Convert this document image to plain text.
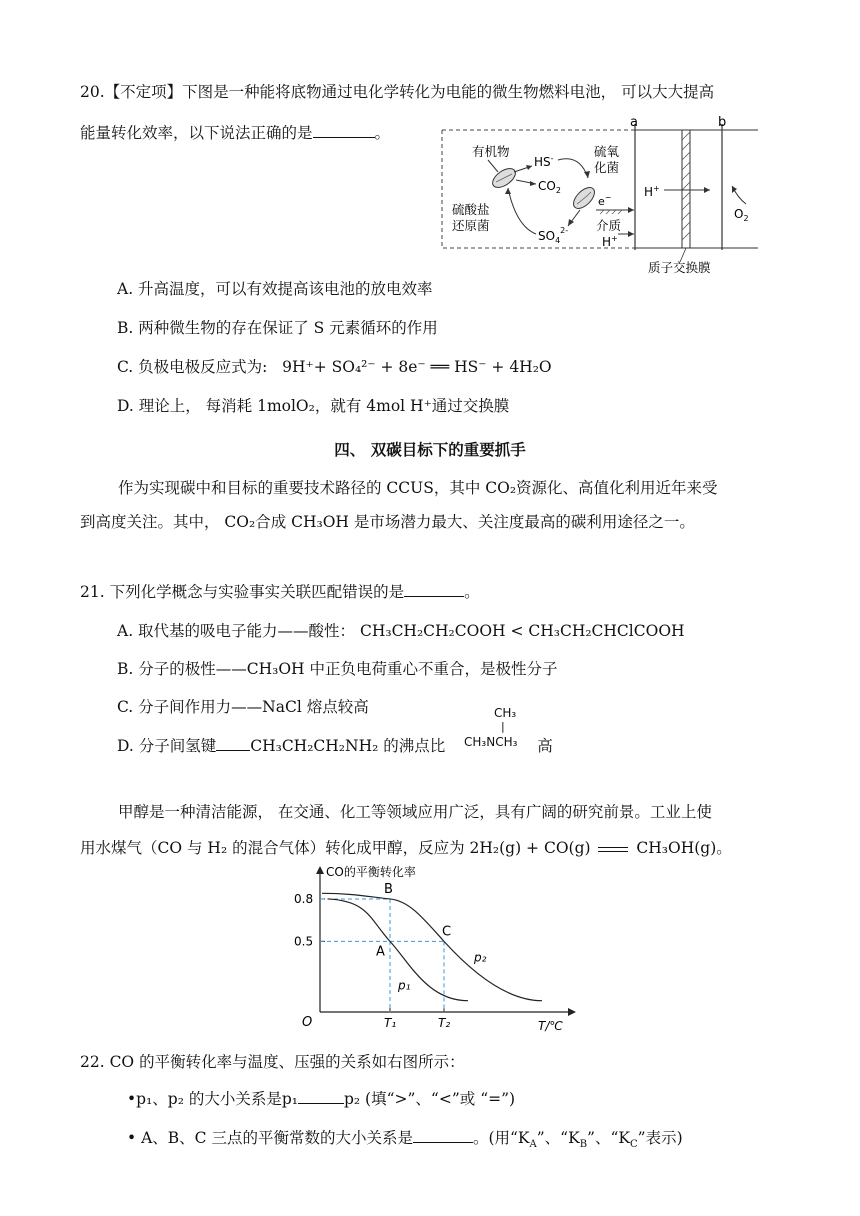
20.【不定项】下图是一种能将底物通过电化学转化为电能的微生物燃料电池， 可以大大提高
能量转化效率，以下说法正确的是	。
a	b
质子交换膜
H+
$O_2$
有机物
HS-
$CO_2$
硫酸盐
还原菌
$SO_4^{2-}$
硫氧
化菌
e−
介质
H+
A. 升高温度，可以有效提高该电池的放电效率
B. 两种微生物的存在保证了 S 元素循环的作用
C. 负极电极反应式为: 9H⁺+ SO₄²⁻ + 8e⁻ ══ HS⁻ + 4H₂O
D. 理论上， 每消耗 1molO₂，就有 4mol H⁺通过交换膜
四、 双碳目标下的重要抓手
作为实现碳中和目标的重要技术路径的 CCUS，其中 CO₂资源化、高值化利用近年来受
到高度关注。其中， CO₂合成 CH₃OH 是市场潜力最大、关注度最高的碳利用途径之一。
21. 下列化学概念与实验事实关联匹配错误的是	。
A. 取代基的吸电子能力——酸性： CH₃CH₂CH₂COOH < CH₃CH₂CHClCOOH
B. 分子的极性——CH₃OH 中正负电荷重心不重合，是极性分子
C. 分子间作用力——NaCl 熔点较高
D. 分子间氢键 CH₃CH₂CH₂NH₂ 的沸点比	高
CH₃
|
CH₃NCH₃
甲醇是一种清洁能源， 在交通、化工等领域应用广泛，具有广阔的研究前景。工业上使
用水煤气（CO 与 H₂ 的混合气体）转化成甲醇，反应为 2H₂(g) + CO(g)	CH₃OH(g)。
CO的平衡转化率
O	T/℃
0.8
0.5
T₁	T₂
p₁
p₂
A
B
C
22. CO 的平衡转化率与温度、压强的关系如右图所示：
•p₁、p₂ 的大小关系是p₁	p₂ (填“>”、“<”或 “=”)
• A、B、C 三点的平衡常数的大小关系是	。(用“$K_A$”、“$K_B$”、“$K_C$”表示)
